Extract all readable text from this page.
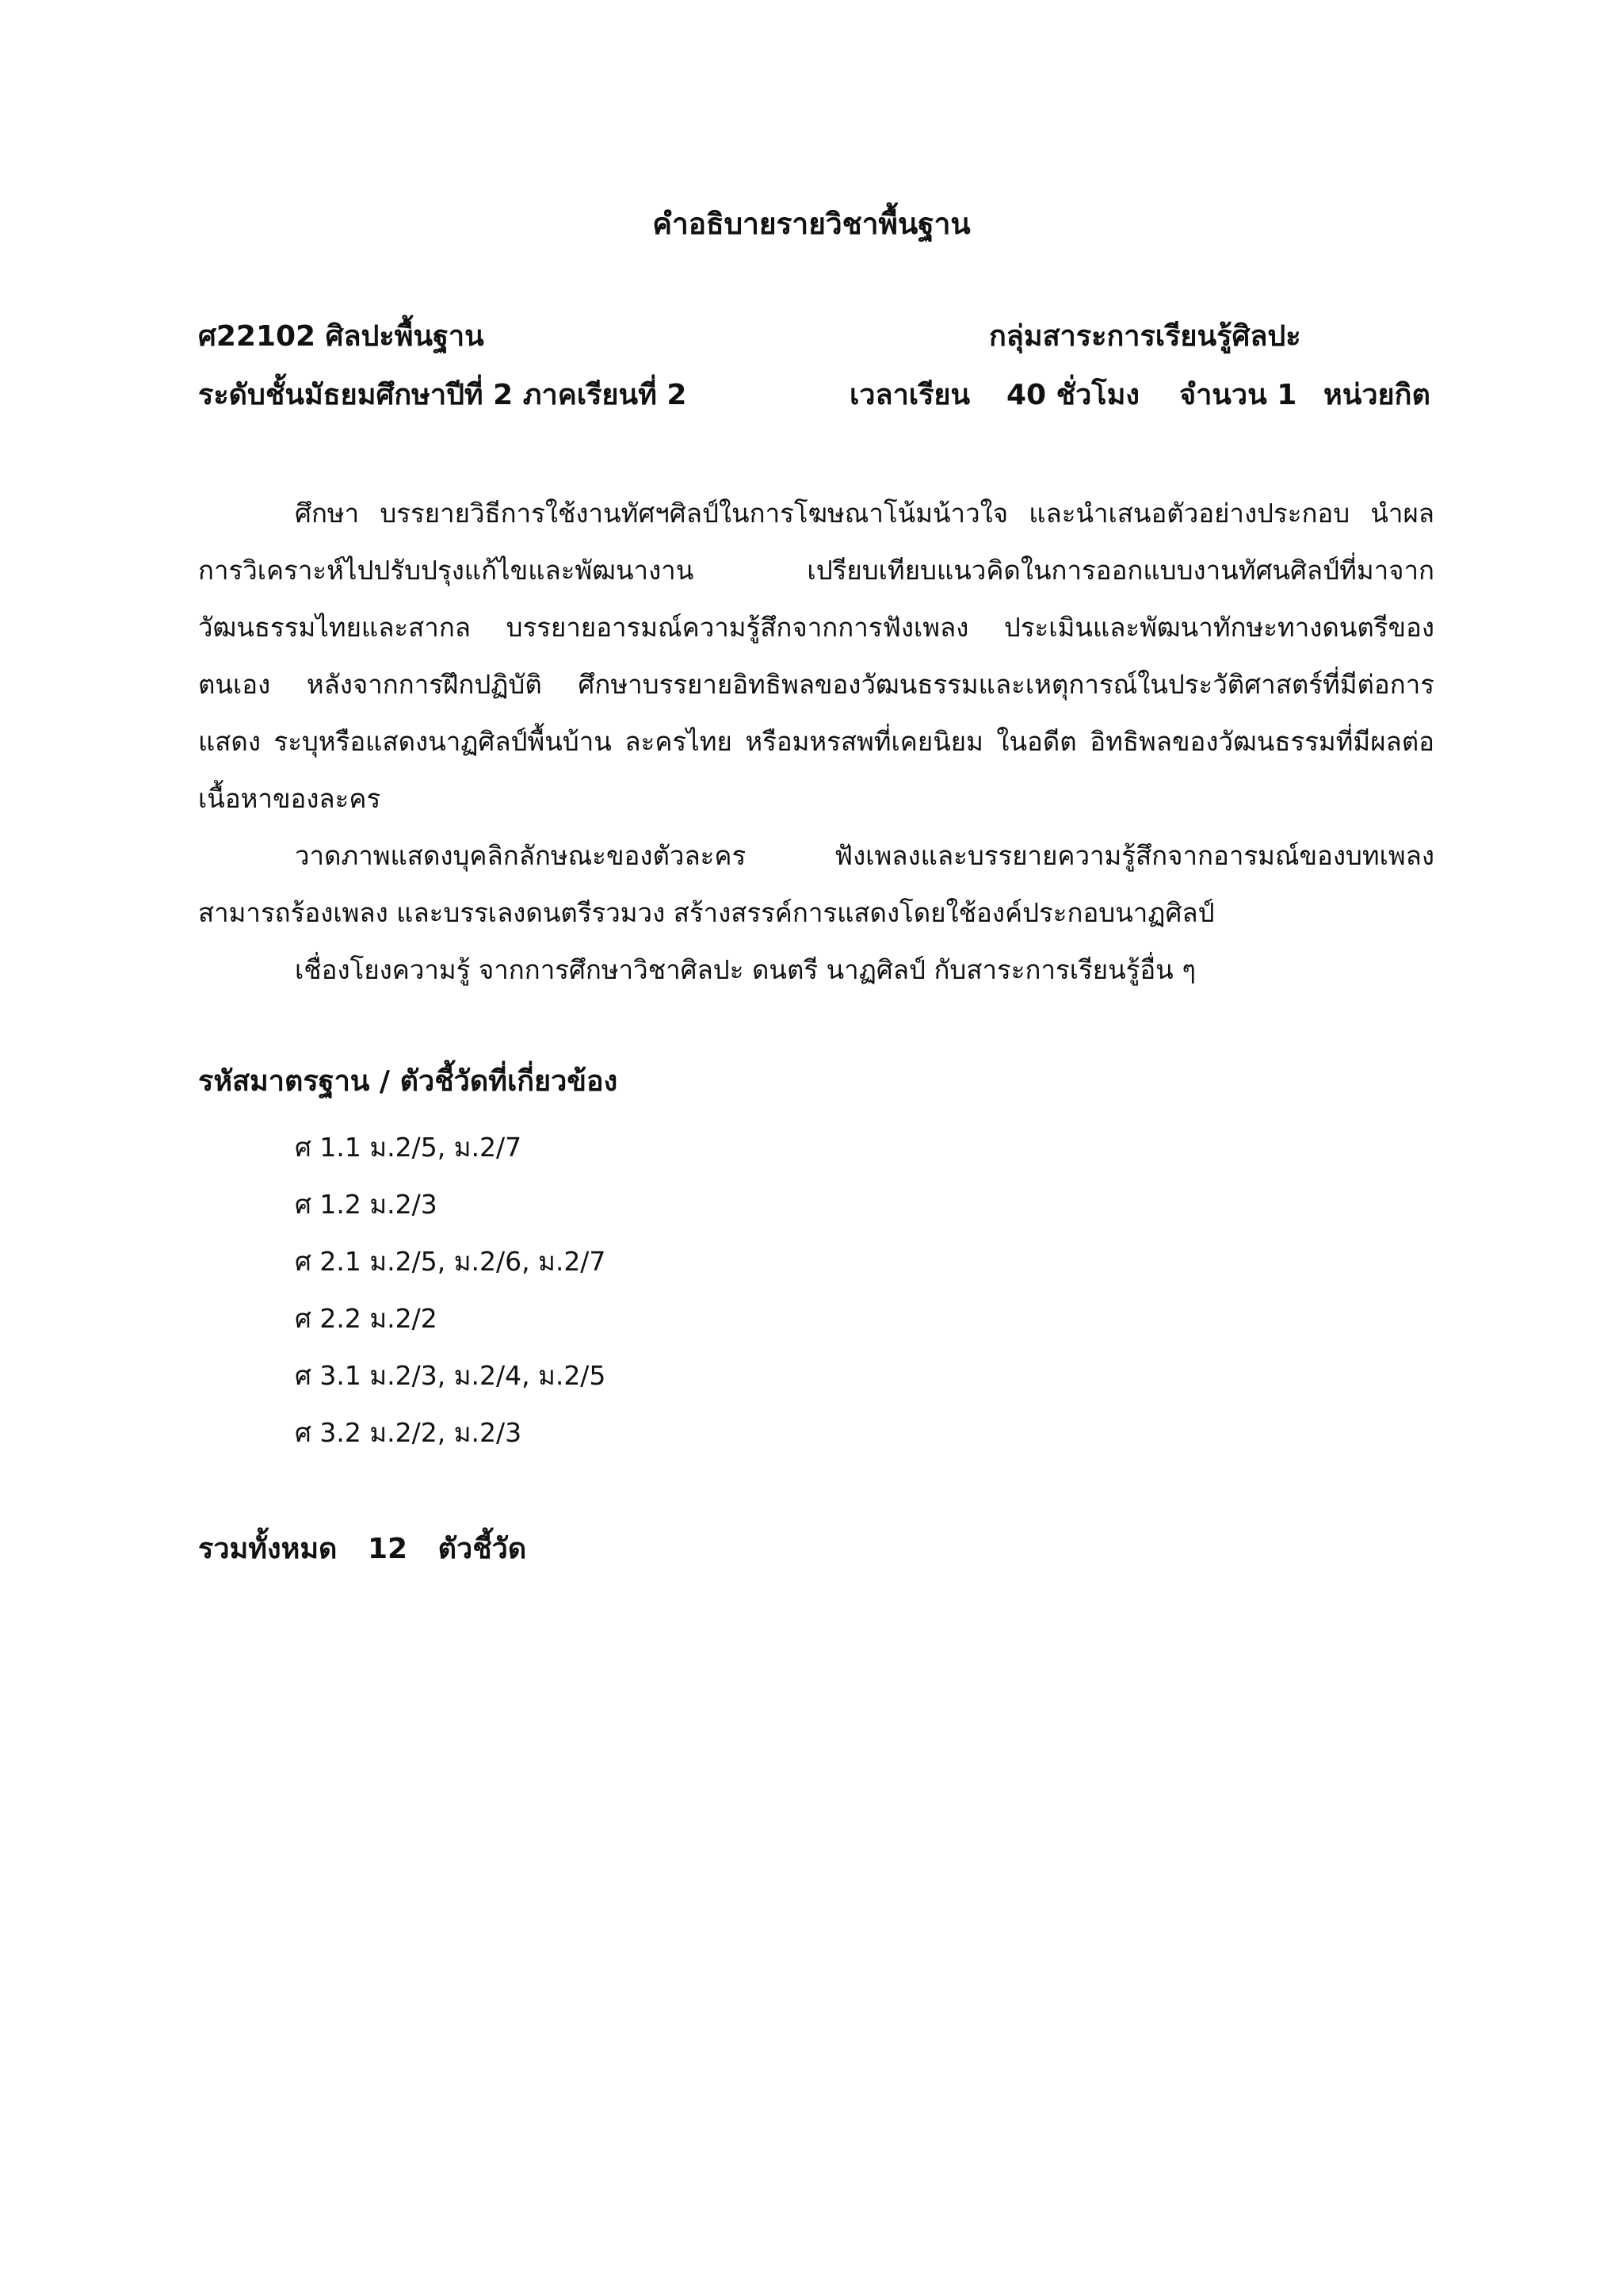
คำอธิบายรายวิชาพื้นฐาน
ศ22102 ศิลปะพื้นฐาน	กลุ่มสาระการเรียนรู้ศิลปะ
ระดับชั้นมัธยมศึกษาปีที่ 2 ภาคเรียนที่ 2	เวลาเรียน 40 ชั่วโมง จำนวน 1 หน่วยกิต

ศึกษา บรรยายวิธีการใช้งานทัศฯศิลป์ในการโฆษณาโน้มน้าวใจ และนำเสนอตัวอย่างประกอบ นำผลการวิเคราะห์ไปปรับปรุงแก้ไขและพัฒนางาน เปรียบเทียบแนวคิดในการออกแบบงานทัศนศิลป์ที่มาจากวัฒนธรรมไทยและสากล บรรยายอารมณ์ความรู้สึกจากการฟังเพลง ประเมินและพัฒนาทักษะทางดนตรีของตนเอง หลังจากการฝึกปฏิบัติ ศึกษาบรรยายอิทธิพลของวัฒนธรรมและเหตุการณ์ในประวัติศาสตร์ที่มีต่อการแสดง ระบุหรือแสดงนาฏศิลป์พื้นบ้าน ละครไทย หรือมหรสพที่เคยนิยม ในอดีต อิทธิพลของวัฒนธรรมที่มีผลต่อเนื้อหาของละคร

วาดภาพแสดงบุคลิกลักษณะของตัวละคร ฟังเพลงและบรรยายความรู้สึกจากอารมณ์ของบทเพลง สามารถร้องเพลง และบรรเลงดนตรีรวมวง สร้างสรรค์การแสดงโดยใช้องค์ประกอบนาฏศิลป์

เชื่องโยงความรู้ จากการศึกษาวิชาศิลปะ ดนตรี นาฏศิลป์ กับสาระการเรียนรู้อื่น ๆ

รหัสมาตรฐาน / ตัวชี้วัดที่เกี่ยวข้อง
ศ 1.1 ม.2/5, ม.2/7
ศ 1.2 ม.2/3
ศ 2.1 ม.2/5, ม.2/6, ม.2/7
ศ 2.2 ม.2/2
ศ 3.1 ม.2/3, ม.2/4, ม.2/5
ศ 3.2 ม.2/2, ม.2/3
รวมทั้งหมด 12 ตัวชี้วัด
